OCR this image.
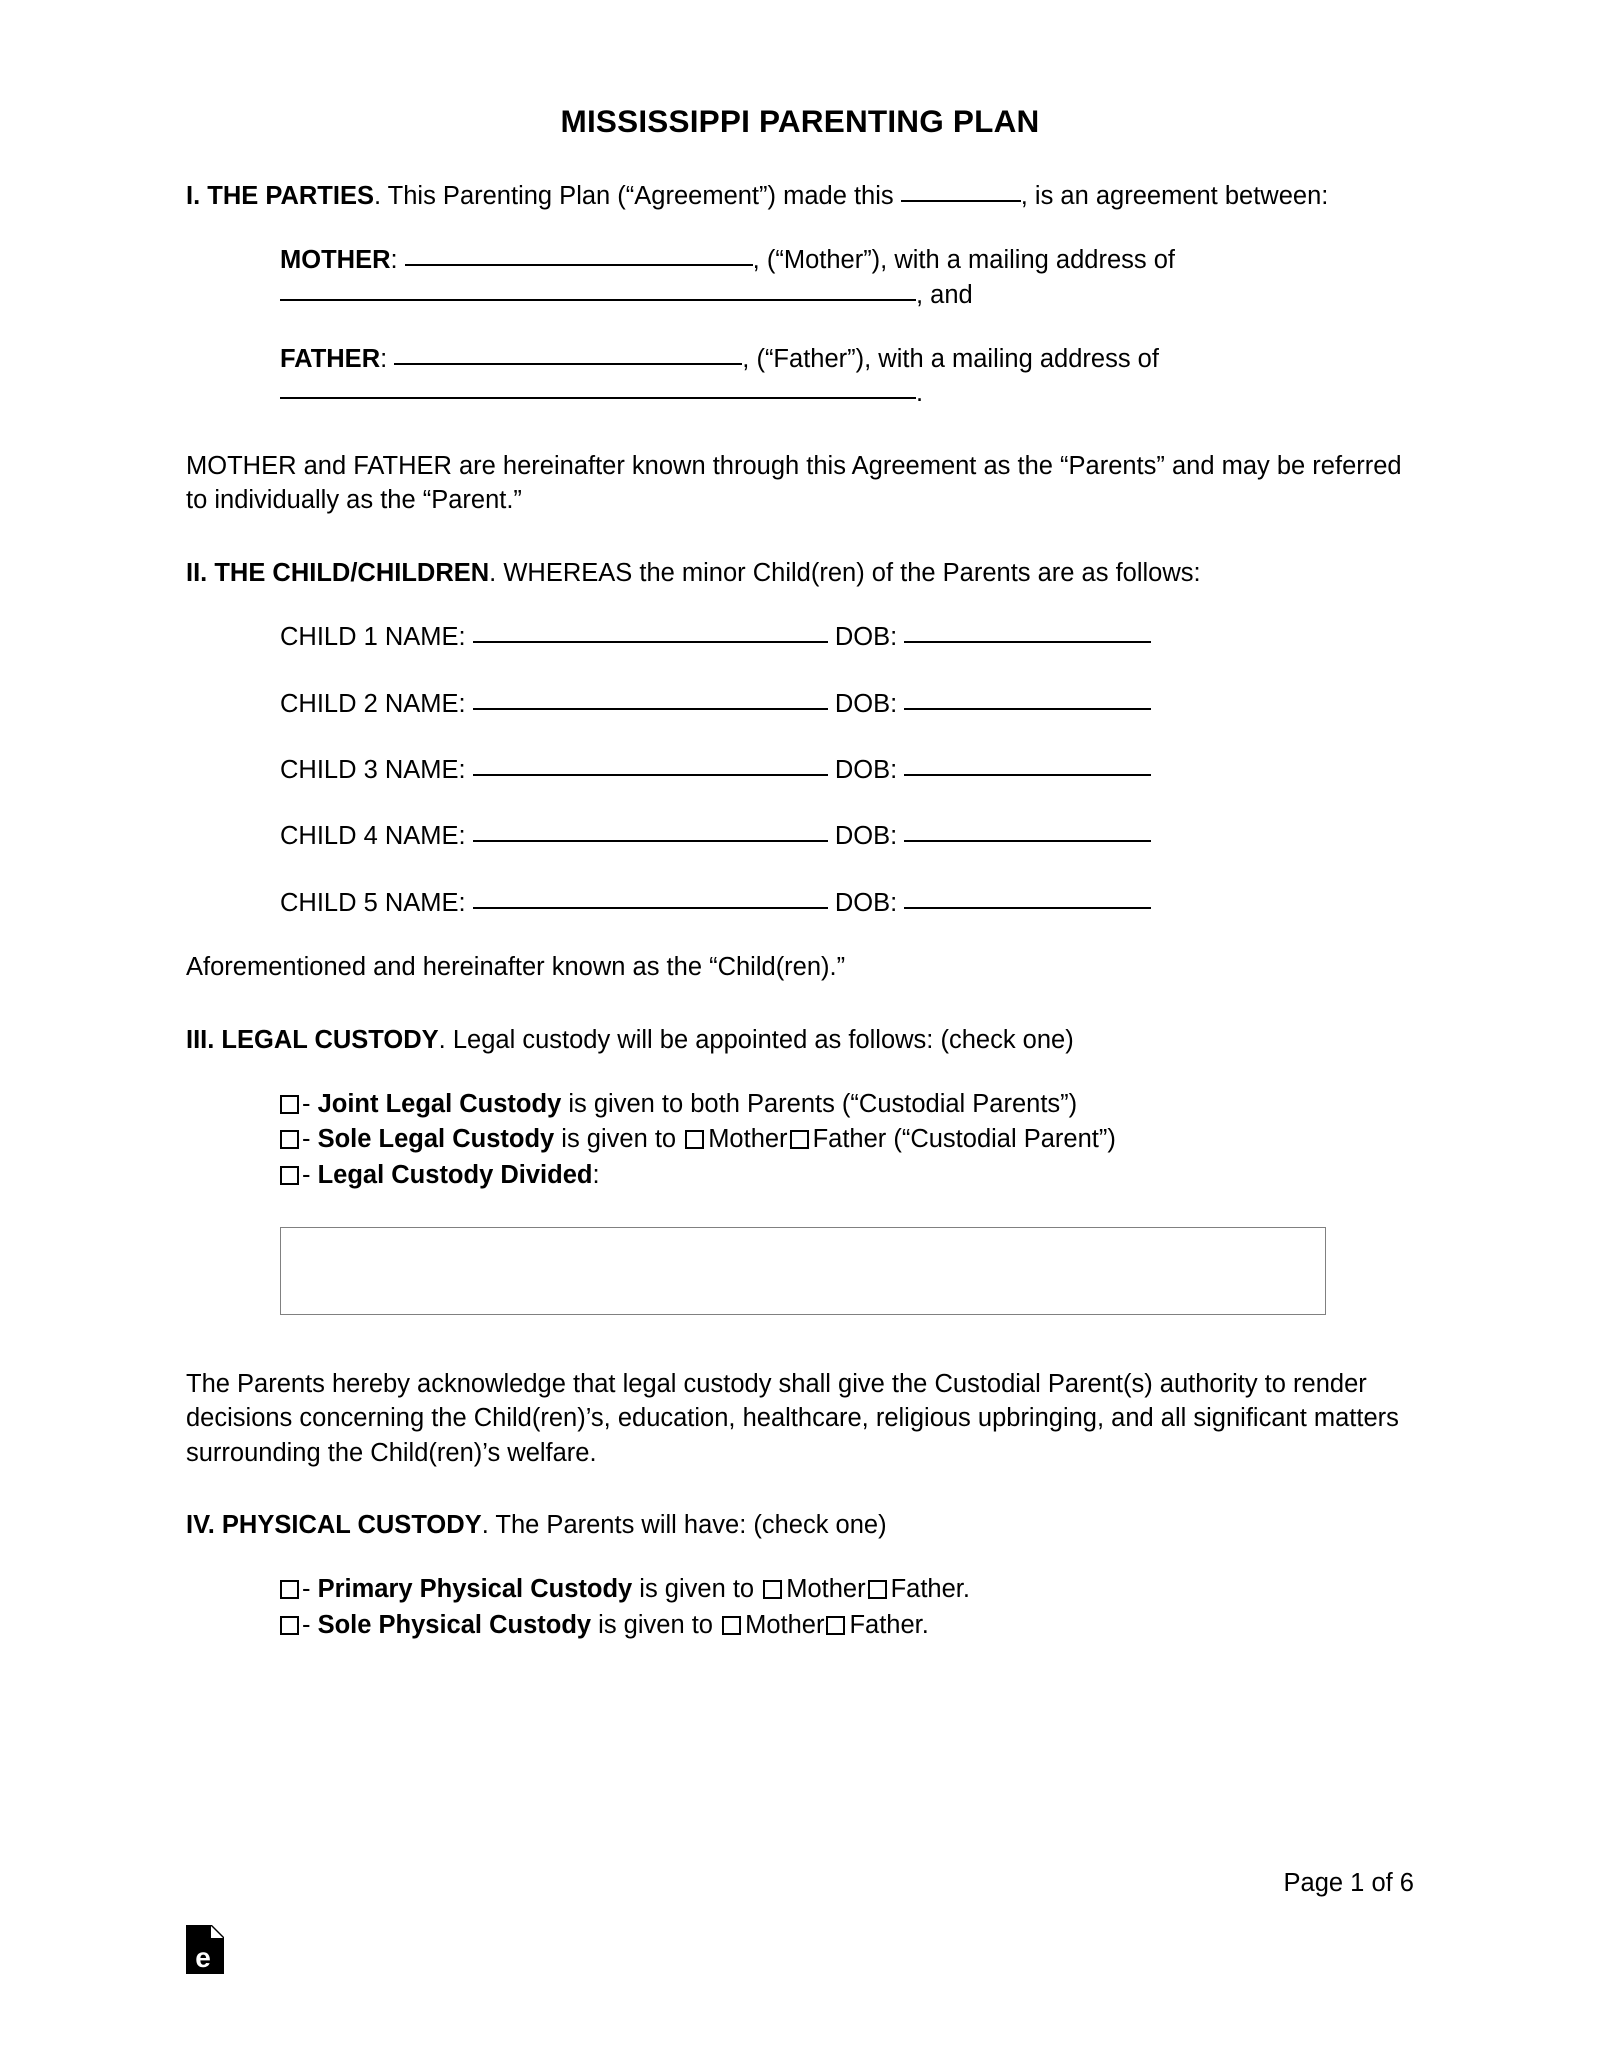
MISSISSIPPI PARENTING PLAN

I. THE PARTIES. This Parenting Plan (“Agreement”) made this	, is an agreement between:

MOTHER:	, (“Mother”), with a mailing address of , and

FATHER:	, (“Father”), with a mailing address of .

MOTHER and FATHER are hereinafter known through this Agreement as the “Parents” and may be referred to individually as the “Parent.”

II. THE CHILD/CHILDREN. WHEREAS the minor Child(ren) of the Parents are as follows:

CHILD 1 NAME:	DOB:

CHILD 2 NAME:	DOB:

CHILD 3 NAME:	DOB:

CHILD 4 NAME:	DOB:

CHILD 5 NAME:	DOB:

Aforementioned and hereinafter known as the “Child(ren).”

III. LEGAL CUSTODY. Legal custody will be appointed as follows: (check one)

- Joint Legal Custody is given to both Parents (“Custodial Parents”)

- Sole Legal Custody is given to Mother Father (“Custodial Parent”)

- Legal Custody Divided:

The Parents hereby acknowledge that legal custody shall give the Custodial Parent(s) authority to render decisions concerning the Child(ren)’s, education, healthcare, religious upbringing, and all significant matters surrounding the Child(ren)’s welfare.

IV. PHYSICAL CUSTODY. The Parents will have: (check one)

- Primary Physical Custody is given to Mother Father.

- Sole Physical Custody is given to Mother Father.

Page 1 of 6
e
